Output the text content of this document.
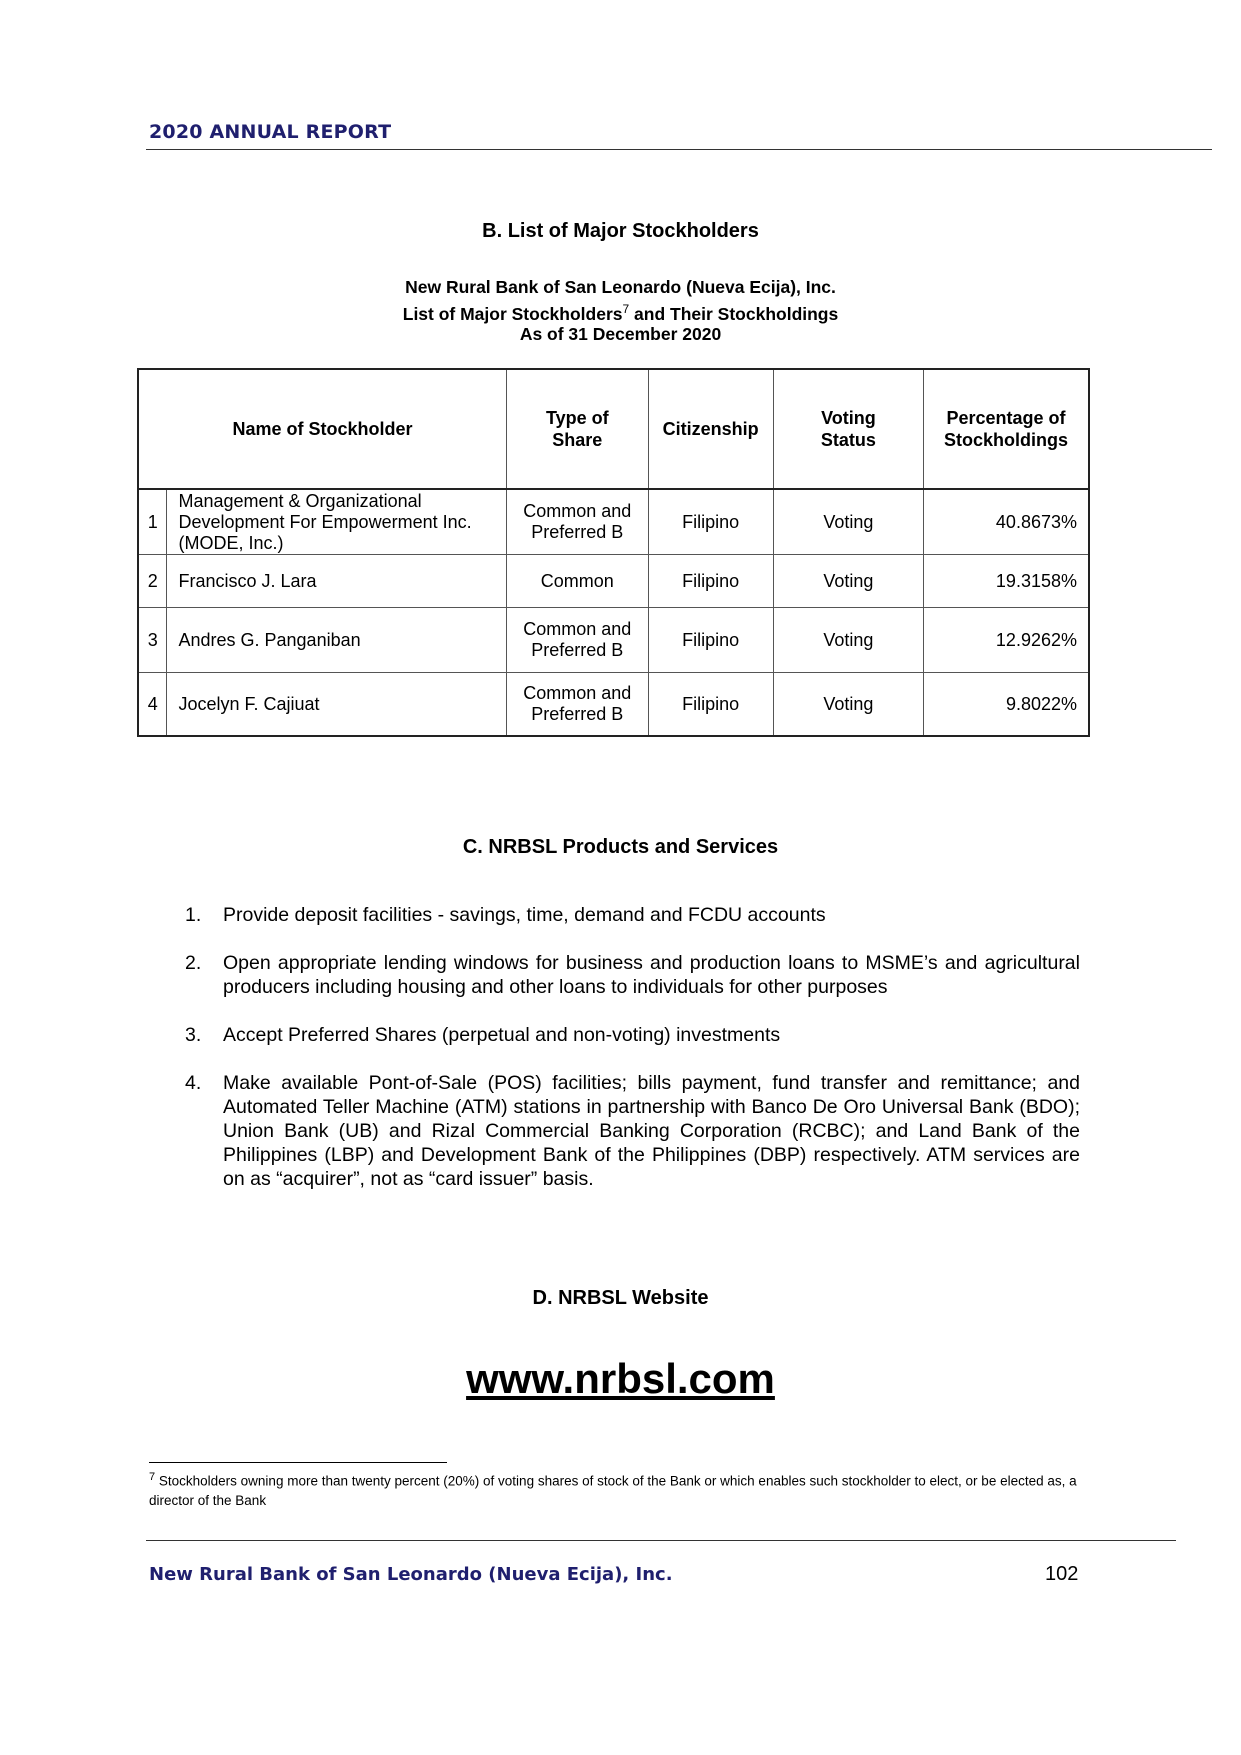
2020 ANNUAL REPORT
B. List of Major Stockholders
New Rural Bank of San Leonardo (Nueva Ecija), Inc.
List of Major Stockholders$^7$ and Their Stockholdings
As of 31 December 2020
Name of Stockholder		Type of Share	Citizenship	Voting Status	Percentage of Stockholdings
1	Management & Organizational Development For Empowerment Inc. (MODE, Inc.)	Common and Preferred B	Filipino	Voting	40.8673%
2	Francisco J. Lara	Common	Filipino	Voting	19.3158%
3	Andres G. Panganiban	Common and Preferred B	Filipino	Voting	12.9262%
4	Jocelyn F. Cajiuat	Common and Preferred B	Filipino	Voting	9.8022%
C. NRBSL Products and Services
1. Provide deposit facilities - savings, time, demand and FCDU accounts
2. Open appropriate lending windows for business and production loans to MSME’s and agricultural producers including housing and other loans to individuals for other purposes
3. Accept Preferred Shares (perpetual and non-voting) investments
4. Make available Pont-of-Sale (POS) facilities; bills payment, fund transfer and remittance; and Automated Teller Machine (ATM) stations in partnership with Banco De Oro Universal Bank (BDO); Union Bank (UB) and Rizal Commercial Banking Corporation (RCBC); and Land Bank of the Philippines (LBP) and Development Bank of the Philippines (DBP) respectively. ATM services are on as “acquirer”, not as “card issuer” basis.
D. NRBSL Website
www.nrbsl.com
$^7$ Stockholders owning more than twenty percent (20%) of voting shares of stock of the Bank or which enables such stockholder to elect, or be elected as, a director of the Bank
New Rural Bank of San Leonardo (Nueva Ecija), Inc.	102
